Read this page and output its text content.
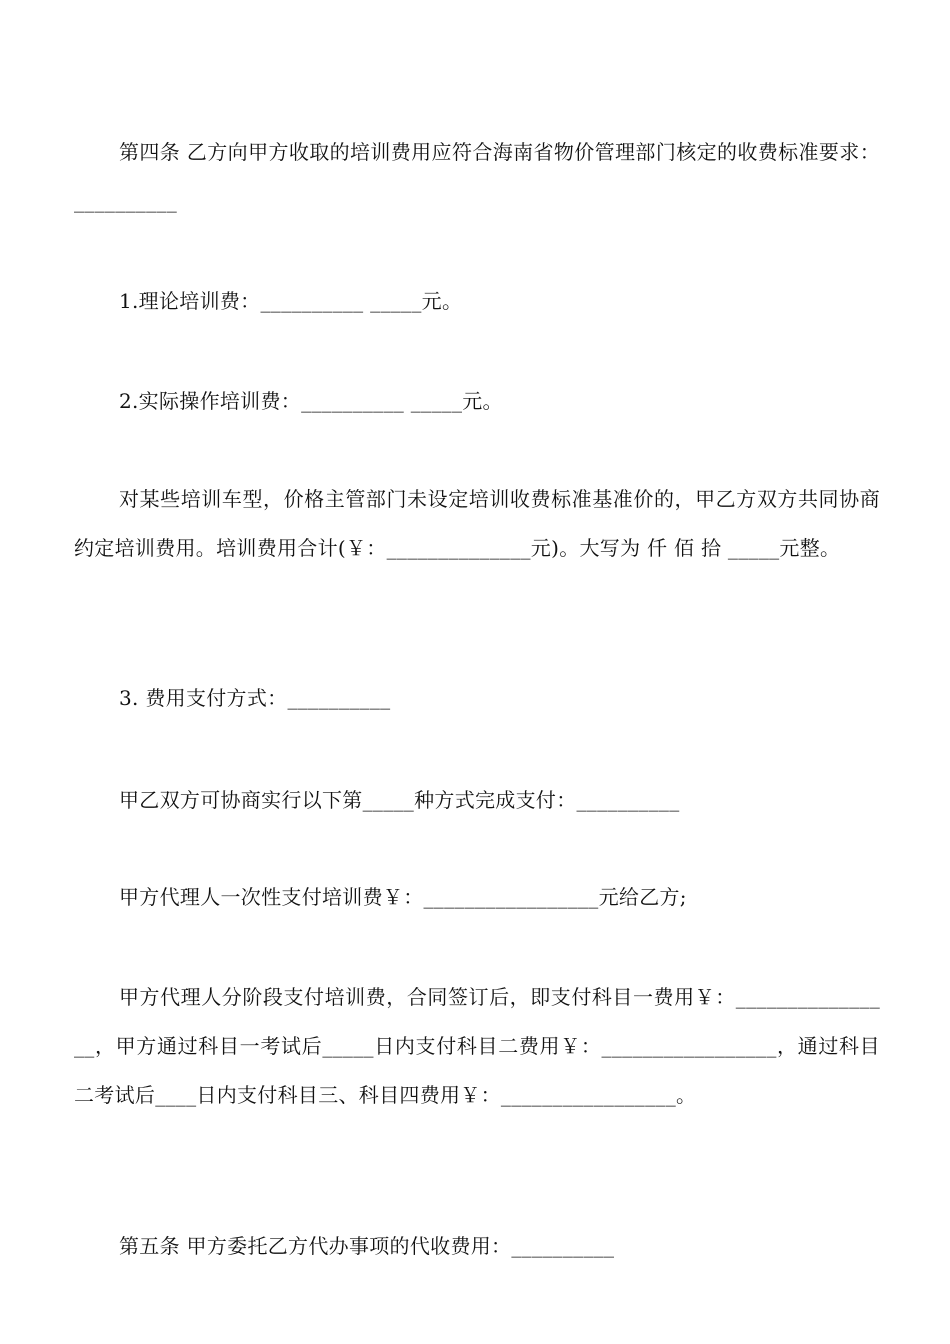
第四条 乙方向甲方收取的培训费用应符合海南省物价管理部门核定的收费标准要求：__________

1.理论培训费：__________ _____元。

2.实际操作培训费：__________ _____元。

对某些培训车型，价格主管部门未设定培训收费标准基准价的，甲乙方双方共同协商约定培训费用。培训费用合计(￥：______________元)。大写为 仟 佰 拾 _____元整。

3. 费用支付方式：__________

甲乙双方可协商实行以下第_____种方式完成支付：__________

甲方代理人一次性支付培训费￥：_________________元给乙方;

甲方代理人分阶段支付培训费，合同签订后，即支付科目一费用￥：________________，甲方通过科目一考试后_____日内支付科目二费用￥：_________________，通过科目二考试后____日内支付科目三、科目四费用￥：_________________。

第五条 甲方委托乙方代办事项的代收费用：__________
